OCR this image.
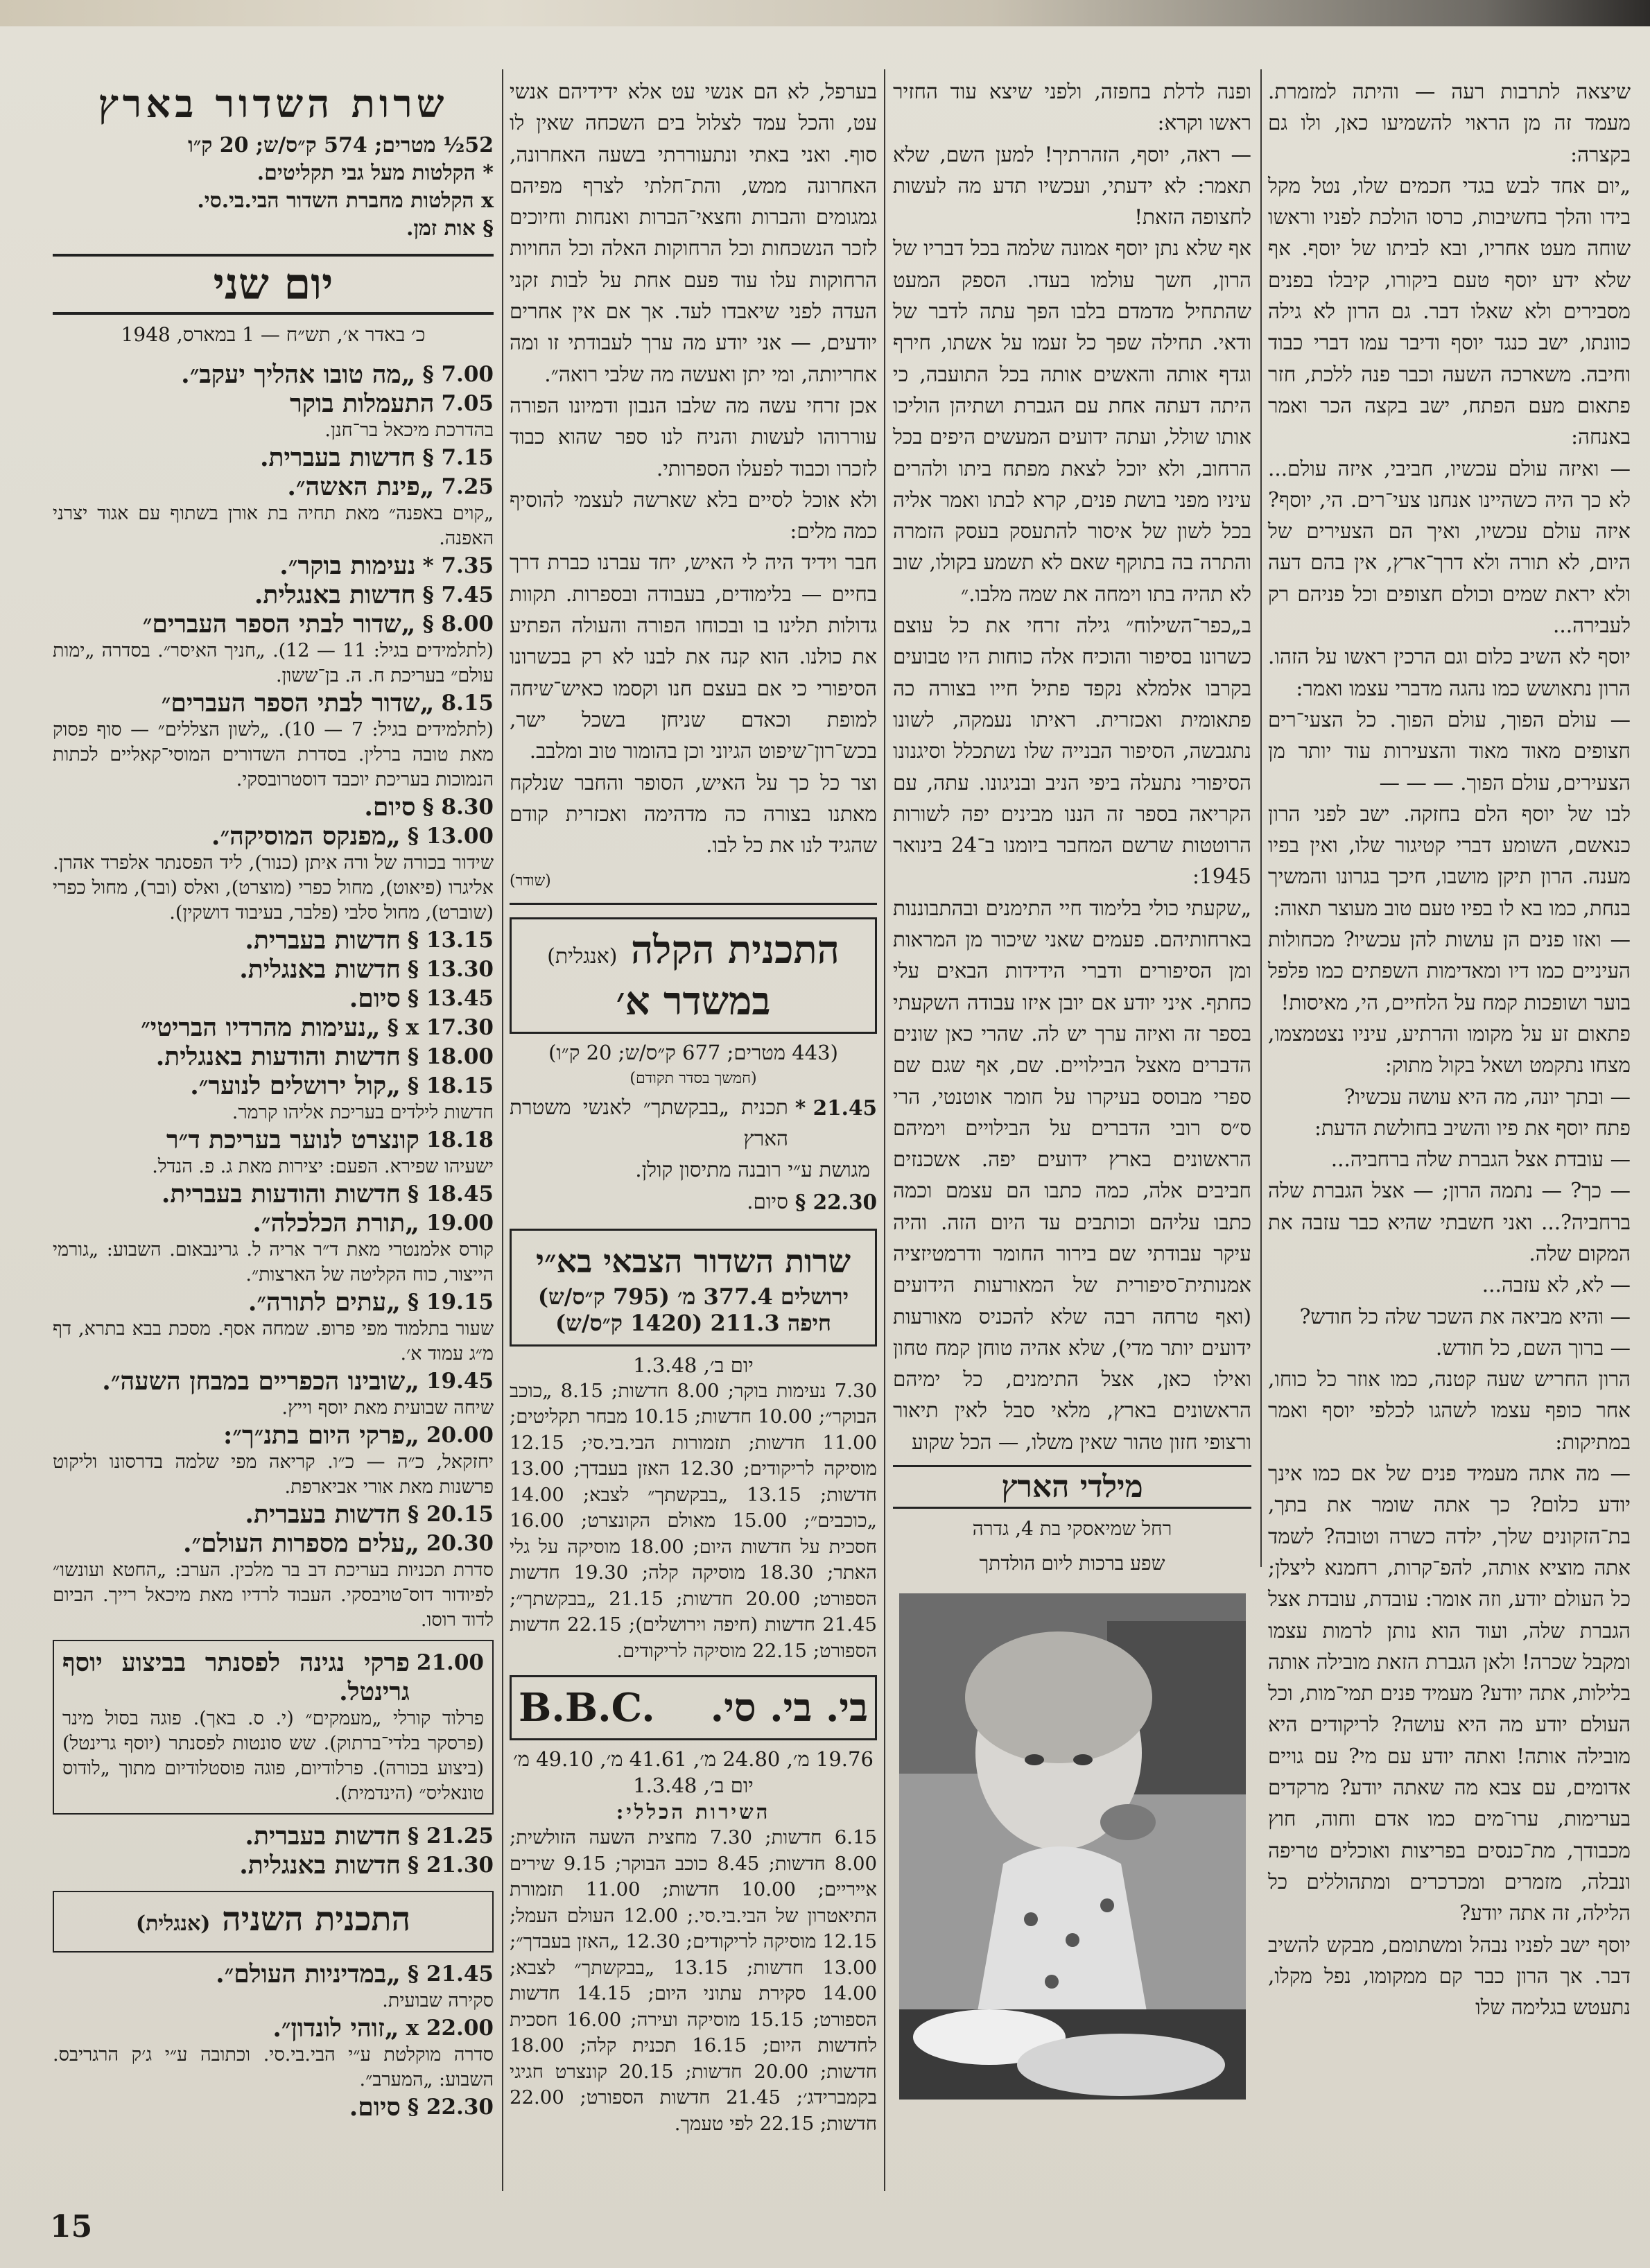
שיצאה לתרבות רעה — והיתה למזמרת. מעמד זה מן הראוי להשמיעו כאן, ולו גם בקצרה:

„יום אחד לבש בגדי חכמים שלו, נטל מקל בידו והלך בחשיבות, כרסו הולכת לפניו וראשו שוחה מעט אחריו, ובא לביתו של יוסף. אף שלא ידע יוסף טעם ביקורו, קיבלו בפנים מסבירים ולא שאלו דבר. גם הרון לא גילה כוונתו, ישב כנגד יוסף ודיבר עמו דברי כבוד וחיבה. משארכה השעה וכבר פנה ללכת, חזר פתאום מעם הפתח, ישב בקצה הכר ואמר באנחה:

— ואיזה עולם עכשיו, חביבי, איזה עולם... לא כך היה כשהיינו אנחנו צעי־רים. הי, יוסף? איזה עולם עכשיו, ואיך הם הצעירים של היום, לא תורה ולא דרך־ארץ, אין בהם דעה ולא יראת שמים וכולם חצופים וכל פניהם רק לעבירה...

יוסף לא השיב כלום וגם הרכין ראשו על הזהו. הרון נתאושש כמו נהגה מדברי עצמו ואמר:

— עולם הפוך, עולם הפוך. כל הצעי־רים חצופים מאוד מאוד והצעירות עוד יותר מן הצעירים, עולם הפוך. — — —

לבו של יוסף הלם בחזקה. ישב לפני הרון כנאשם, השומע דברי קטיגור שלו, ואין בפיו מענה. הרון תיקן מושבו, חיכך בגרונו והמשיך בנחת, כמו בא לו בפיו טעם טוב מעוצר תאוה:

— ואזו פנים הן עושות להן עכשיו? מכחולות העיניים כמו דיו ומאדימות השפתים כמו פלפל בוער ושופכות קמח על הלחיים, הי, מאיסות!

פתאום זע על מקומו והרתיע, עיניו נצטמצמו, מצחו נתקמט ושאל בקול מתוק:

— ובתך יונה, מה היא עושה עכשיו?

פתח יוסף את פיו והשיב בחולשת הדעת:

— עובדת אצל הגברת שלה ברחביה...

— כך? — נתמה הרון; — אצל הגברת שלה ברחביה?... ואני חשבתי שהיא כבר עזבה את המקום שלה.

— לא, לא עזבה...

— והיא מביאה את השכר שלה כל חודש?

— ברוך השם, כל חודש.

הרון החריש שעה קטנה, כמו אוזר כל כוחו, אחר כופף עצמו לשהגו לכלפי יוסף ואמר במתיקות:

— מה אתה מעמיד פנים של אם כמו אינך יודע כלום? כך אתה שומר את בתך, בת־הזקונים שלך, ילדה כשרה וטובה? לשמד אתה מוציא אותה, להפ־קרות, רחמנא ליצלן; כל העולם יודע, וזה אומר: עובדת, עובדת אצל הגברת שלה, ועוד הוא נותן לרמות עצמו ומקבל שכרה! ולאן הגברת הזאת מובילה אותה בלילות, אתה יודע? מעמיד פנים תמי־מות, וכל העולם יודע מה היא עושה? לריקודים היא מובילה אותה! ואתה יודע עם מי? עם גויים אדומים, עם צבא מה שאתה יודע? מרקדים בערימות, ערו־מים כמו אדם וחוה, חוץ מכבודך, מת־כנסים בפריצות ואוכלים טריפה ונבלה, מזמרים ומכרכרים ומתהוללים כל הלילה, זה אתה יודע?

יוסף ישב לפניו נבהל ומשתומם, מבקש להשיב דבר. אך הרון כבר קם ממקומו, נפל מקלו, נתעטש בגלימה שלו

ופנה לדלת בחפזה, ולפני שיצא עוד החזיר ראשו וקרא:

— ראה, יוסף, הזהרתיך! למען השם, שלא תאמר: לא ידעתי, ועכשיו תדע מה לעשות לחצופה הזאת!

אף שלא נתן יוסף אמונה שלמה בכל דבריו של הרון, חשך עולמו בעדו. הספק המעט שהתחיל מדמדם בלבו הפך עתה לדבר של ודאי. תחילה שפך כל זעמו על אשתו, חירף וגדף אותה והאשים אותה בכל התועבה, כי היתה דעתה אחת עם הגברת ושתיהן הוליכו אותו שולל, ועתה ידועים המעשים היפים בכל הרחוב, ולא יוכל לצאת מפתח ביתו ולהרים עיניו מפני בושת פנים, קרא לבתו ואמר אליה בכל לשון של איסור להתעסק בעסק הזמרה והתרה בה בתוקף שאם לא תשמע בקולו, שוב לא תהיה בתו וימחה את שמה מלבו.״

ב„כפר־השילוח״ גילה זרחי את כל עוצם כשרונו בסיפור והוכיח אלה כוחות היו טבועים בקרבו אלמלא נקפד פתיל חייו בצורה כה פתאומית ואכזרית. ראיתו נעמקה, לשונו נתגבשה, הסיפור הבנייה שלו נשתכלל וסיגנונו הסיפורי נתעלה ביפי הניב ובניגונו. עתה, עם הקריאה בספר זה הננו מבינים יפה לשורות הרוטטות שרשם המחבר ביומנו ב־24 בינואר 1945:

„שקעתי כולי בלימוד חיי התימנים ובהתבוננות בארחותיהם. פעמים שאני שיכור מן המראות ומן הסיפורים ודברי הידידות הבאים עלי כחתף. איני יודע אם יובן איזו עבודה השקעתי בספר זה ואיזה ערך יש לה. שהרי כאן שונים הדברים מאצל הבילויים. שם, אף שגם שם ספרי מבוסס בעיקרו על חומר אוטנטי, הרי ס״ס רובי הדברים על הבילויים וימיהם הראשונים בארץ ידועים יפה. אשכנזים חביבים אלה, כמה כתבו הם עצמם וכמה כתבו עליהם וכותבים עד היום הזה. והיה עיקר עבודתי שם בירור החומר ודרמטיזציה אמנותית־סיפורית של המאורעות הידועים (ואף טרחה רבה שלא להכניס מאורעות ידועים יותר מדי), שלא אהיה טוחן קמח טחון ואילו כאן, אצל התימנים, כל ימיהם הראשונים בארץ, מלאי סבל לאין תיאור ורצופי חזון טהור שאין משלו, — הכל שקוע

מילדי הארץ
רחל שמיאסקי בת 4, גדרה
שפע ברכות ליום הולדתך

בערפל, לא הם אנשי עט אלא ידידיהם אנשי עט, והכל עמד לצלול בים השכחה שאין לו סוף. ואני באתי ונתעוררתי בשעה האחרונה, האחרונה ממש, והת־חלתי לצרף מפיהם גמגומים והברות וחצאי־הברות ואנחות וחיוכים לזכר הנשכחות וכל הרחוקות האלה וכל החויות הרחוקות עלו עוד פעם אחת על לבות זקני העדה לפני שיאבדו לעד. אך אם אין אחרים יודעים, — אני יודע מה ערך לעבודתי זו ומה אחריותה, ומי יתן ואעשה מה שלבי רואה״.

אכן זרחי עשה מה שלבו הנבון ודמיונו הפורה עוררוהו לעשות והניח לנו ספר שהוא כבוד לזכרו וכבוד לפעלו הספרותי.

ולא אוכל לסיים בלא שארשה לעצמי להוסיף כמה מלים:

חבר וידיד היה לי האיש, יחד עברנו כברת דרך בחיים — בלימודים, בעבודה ובספרות. תקוות גדולות תלינו בו ובכוחו הפורה והעולה הפתיע את כולנו. הוא קנה את לבנו לא רק בכשרונו הסיפורי כי אם בעצם חנו וקסמו כאיש־שיחה למופת וכאדם שניחן בשכל ישר, בכש־רון־שיפוט הגיוני וכן בהומור טוב ומלבב.

וצר כל כך על האיש, הסופר והחבר שנלקח מאתנו בצורה כה מדהימה ואכזרית קודם שהגיד לנו את כל לבו.

(שודר)
התכנית הקלה (אנגלית)
במשדר א׳
(443 מטרים; 677 ק״ס/ש; 20 ק״ו)
(חמשך בסדר תקודם)
21.45 *
תכנית „בבקשתך״ לאנשי משטרת הארץ
מגושת ע״י רובנה מתיסון קולן.
22.30 §
סיום.
שרות השדור הצבאי בא״י
ירושלים 377.4 מ׳ (795 ק״ס/ש)
חיפה 211.3 (1420 ק״ס/ש)
יום ב׳, 1.3.48
7.30 נעימות בוקר; 8.00 חדשות; 8.15 „כוכב הבוקר״; 10.00 חדשות; 10.15 מבחר תקליטים; 11.00 חדשות; תזמורות הבי.בי.סי; 12.15 מוסיקה לריקודים; 12.30 האזן בעבדך; 13.00 חדשות; 13.15 „בבקשתך״ לצבא; 14.00 „כוכבים״; 15.00 מאולם הקונצרט; 16.00 חסכית על חדשות היום; 18.00 מוסיקה על גלי האתר; 18.30 מוסיקה קלה; 19.30 חדשות הספורט; 20.00 חדשות; 21.15 „בבקשתך״; 21.45 חדשות (חיפה וירושלים); 22.15 חדשות הספורט; 22.15 מוסיקה לריקודים.
בי. בי. סי.
B.B.C.
19.76 מ׳, 24.80 מ׳, 41.61 מ׳, 49.10 מ׳
יום ב׳, 1.3.48
השירות הכללי:
6.15 חדשות; 7.30 מחצית השעה הזולשית; 8.00 חדשות; 8.45 כוכב הבוקר; 9.15 שירים אייריים; 10.00 חדשות; 11.00 תזמורת התיאטרון של הבי.בי.סי.; 12.00 העולם העמל; 12.15 מוסיקה לריקודים; 12.30 „האזן בעבדך״; 13.00 חדשות; 13.15 „בבקשתך״ לצבא; 14.00 סקירת עתוני היום; 14.15 חדשות הספורט; 15.15 מוסיקה ועירה; 16.00 חסכית לחדשות היום; 16.15 תכנית קלה; 18.00 חדשות; 20.00 חדשות; 20.15 קונצרט חגיגי בקמברידג׳; 21.45 חדשות הספורט; 22.00 חדשות; 22.15 לפי טעמך.
שרות השדור בארץ
52½ מטרים; 574 ק״ס/ש; 20 ק״ו
* הקלטות מעל גבי תקליטים.
x הקלטות מחברת השדור הבי.בי.סי.
§ אות זמן.
יום שני
כ׳ באדר א׳, תש״ח — 1 במארס, 1948
7.00 §
„מה טובו אהליך יעקב״.
7.05
התעמלות בוקר
בהדרכת מיכאל בר־חנן.
7.15 §
חדשות בעברית.
7.25
„פינת האשה״.
„קוים באפנה״ מאת תחיה בת אורן בשתוף עם אגוד יצרני האפנה.
7.35 *
נעימות בוקר״.
7.45 §
חדשות באנגלית.
8.00 §
„שדור לבתי הספר העברים״
(לתלמידים בגיל: 11 — 12). „חניך האיסר״. בסדרה „ימות עולם״ בעריכת ח. ה. בן־ששון.
8.15
„שדור לבתי הספר העברים״
(לתלמידים בגיל: 7 — 10). „לשון הצללים״ — סוף פסוק מאת טובה ברלין. בסדרת השדורים המוסי־קאליים לכתות הנמוכות בעריכת יוכבד דוסטרובסקי.
8.30 §
סיום.
13.00 §
„מפנקס המוסיקה״.
שידור בכורה של ורה איתן (כנור), ליד הפסנתר אלפרד אהרן. אליגרו (פיאוט), מחול כפרי (מוצרט), ואלס (ובר), מחול כפרי (שוברט), מחול סלבי (פלבר, בעיבוד דושקין).
13.15 §
חדשות בעברית.
13.30 §
חדשות באנגלית.
13.45 §
סיום.
17.30 x §
„נעימות מהרדיו הבריטי״
18.00 §
חדשות והודעות באנגלית.
18.15 §
„קול ירושלים לנוער״.
חדשות לילדים בעריכת אליהו קרמר.
18.18
קונצרט לנוער בעריכת ד״ר
ישעיהו שפירא. הפעם: יצירות מאת ג. פ. הנדל.
18.45 §
חדשות והודעות בעברית.
19.00
„תורת הכלכלה״.
קורס אלמנטרי מאת ד״ר אריה ל. גרינבאום. השבוע: „גורמי הייצור, כוח הקליטה של הארצות״.
19.15 §
„עתים לתורה״.
שעור בתלמוד מפי פרופ. שמחה אסף. מסכת בבא בתרא, דף מ״ג עמוד א׳.
19.45
„שובינו הכפריים במבחן השעה״.
שיחה שבועית מאת יוסף וייץ.
20.00
„פרקי היום בתנ״ך״:
יחזקאל, כ״ה — כ״ו. קריאה מפי שלמה בדרסונו וליקוט פרשנות מאת אורי אביארפת.
20.15 §
חדשות בעברית.
20.30
„עלים מספרות העולם״.
סדרת תכניות בעריכת דב בר מלכין. הערב: „החטא ועונשו״ לפיודור דוס־טויבסקי. העבוד לרדיו מאת מיכאל רייך. הביום לדוד רוסו.
21.00
פרקי נגינה לפסנתר בביצוע יוסף גרינטל.
פרלוד קורלי „מעמקים״ (י. ס. באך). פוגה בסול מינר (פרסקר בלדי־ברתוק). שש סונטות לפסנתר (יוסף גרינטל) (ביצוע בכורה). פרלודיום, פוגה פוסטלודיום מתוך „לודוס טונאליס״ (הינדמית).
21.25 §
חדשות בעברית.
21.30 §
חדשות באנגלית.
התכנית השניה (אנגלית)
21.45 §
„במדיניות העולם״.
סקירה שבועית.
22.00 x
„זוהי לונדון״.
סדרה מוקלטת ע״י הבי.בי.סי. וכתובה ע״י ג׳ק הרגריבס. השבוע: „המערב״.
22.30 §
סיום.
15
